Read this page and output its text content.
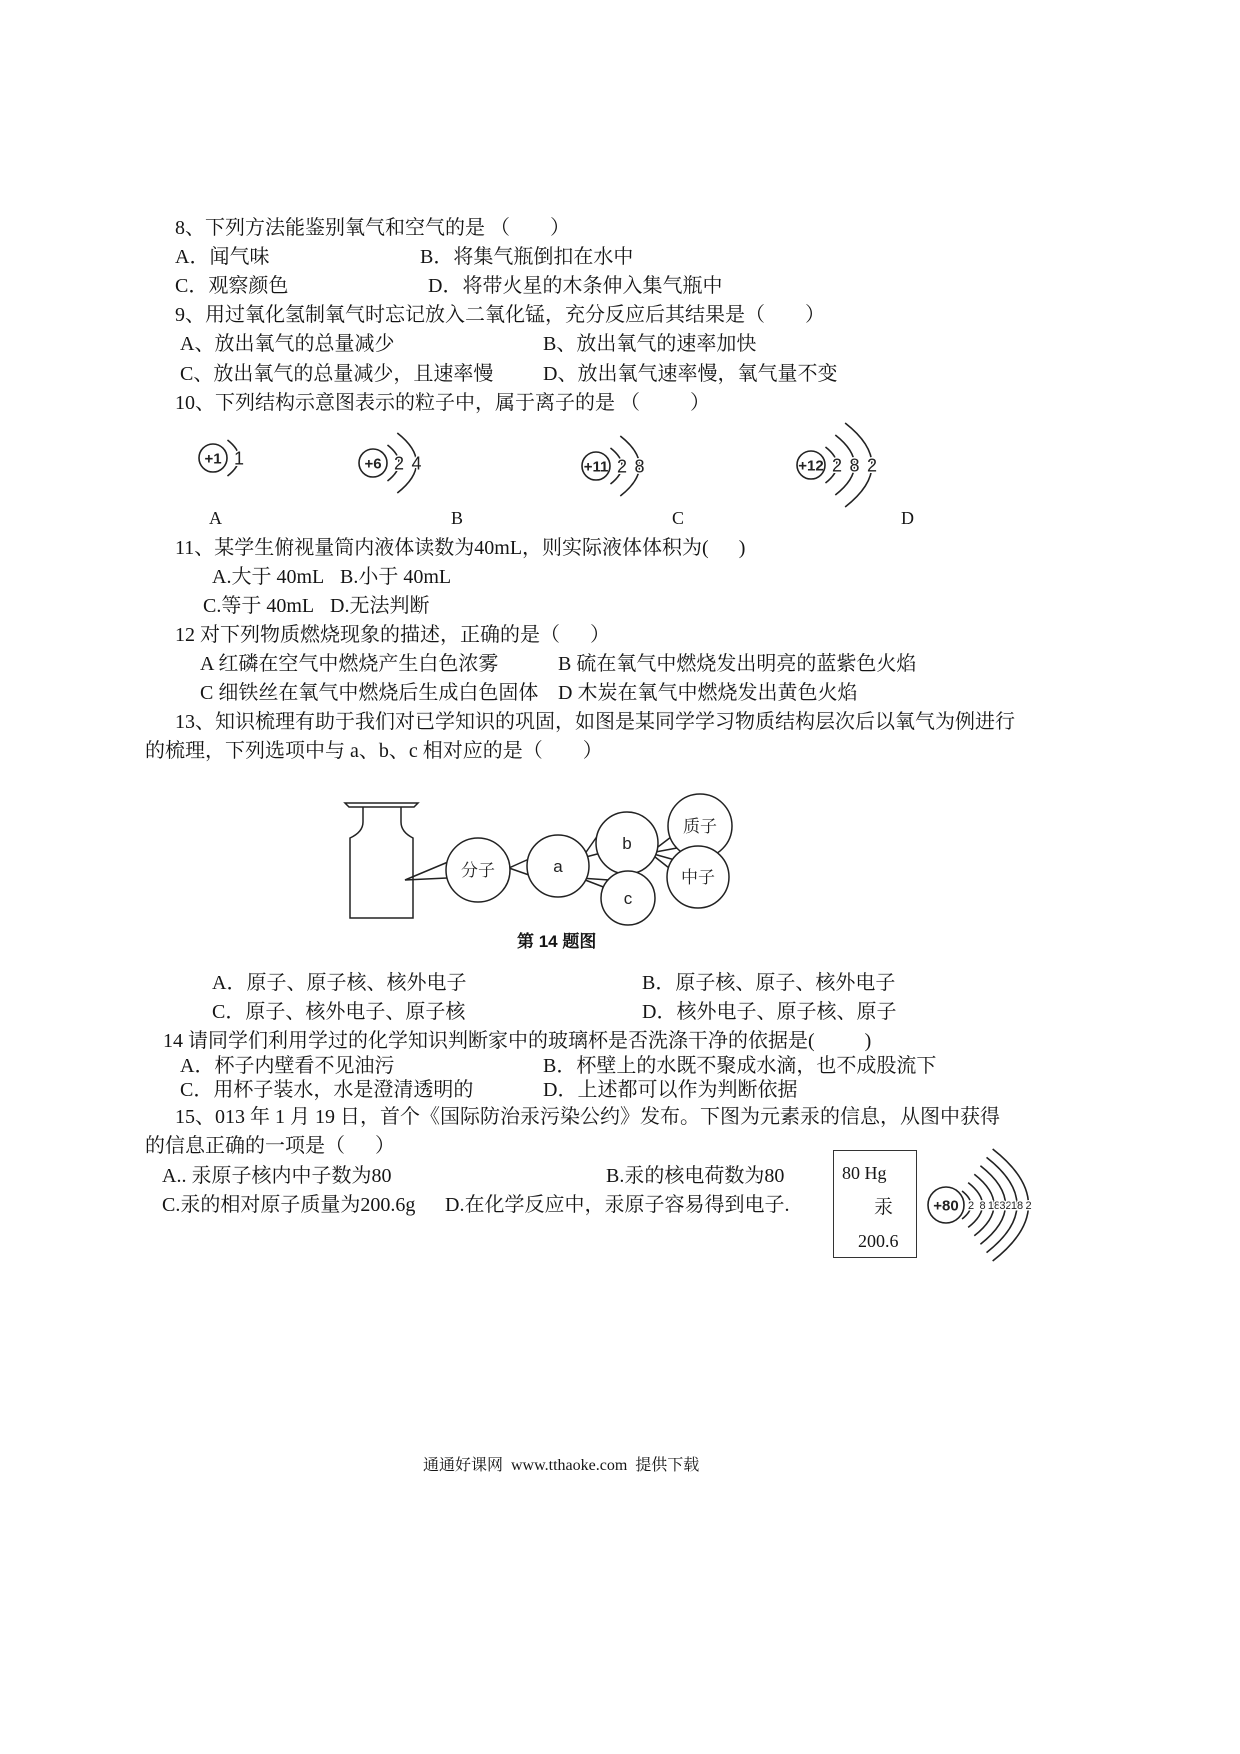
8、下列方法能鉴别氧气和空气的是 （        ）
A．闻气味	B．将集气瓶倒扣在水中
C．观察颜色	D．将带火星的木条伸入集气瓶中
9、用过氧化氢制氧气时忘记放入二氧化锰，充分反应后其结果是（        ）
A、放出氧气的总量减少	B、放出氧气的速率加快
C、放出氧气的总量减少，且速率慢 D、放出氧气速率慢，氧气量不变
10、下列结构示意图表示的粒子中，属于离子的是 （          ）
+1 1	+6 2 4	+11 2 8	+12 2 8 2
A	B	C	D
11、某学生俯视量筒内液体读数为40mL，则实际液体体积为(      )
A.大于 40mL B.小于 40mL
C.等于 40mL D.无法判断
12 对下列物质燃烧现象的描述，正确的是（      ）
A 红磷在空气中燃烧产生白色浓雾	B 硫在氧气中燃烧发出明亮的蓝紫色火焰
C 细铁丝在氧气中燃烧后生成白色固体 D 木炭在氧气中燃烧发出黄色火焰
13、知识梳理有助于我们对已学知识的巩固，如图是某同学学习物质结构层次后以氧气为例进行
的梳理，下列选项中与 a、b、c 相对应的是（        ）
分子	a
b
c
质子
中子
第 14 题图
A．原子、原子核、核外电子	B．原子核、原子、核外电子
C．原子、核外电子、原子核	D．核外电子、原子核、原子
14 请同学们利用学过的化学知识判断家中的玻璃杯是否洗涤干净的依据是(          )
A．杯子内壁看不见油污	B．杯壁上的水既不聚成水滴，也不成股流下
C．用杯子装水，水是澄清透明的	D．上述都可以作为判断依据
15、013 年 1 月 19 日，首个《国际防治汞污染公约》发布。下图为元素汞的信息，从图中获得
的信息正确的一项是（      ）
A.. 汞原子核内中子数为80	B.汞的核电荷数为80
C.汞的相对原子质量为200.6g D.在化学反应中，汞原子容易得到电子.
80 Hg
汞
200.6
+80 2 8 18 32 18 2
通通好课网  www.tthaoke.com  提供下载
